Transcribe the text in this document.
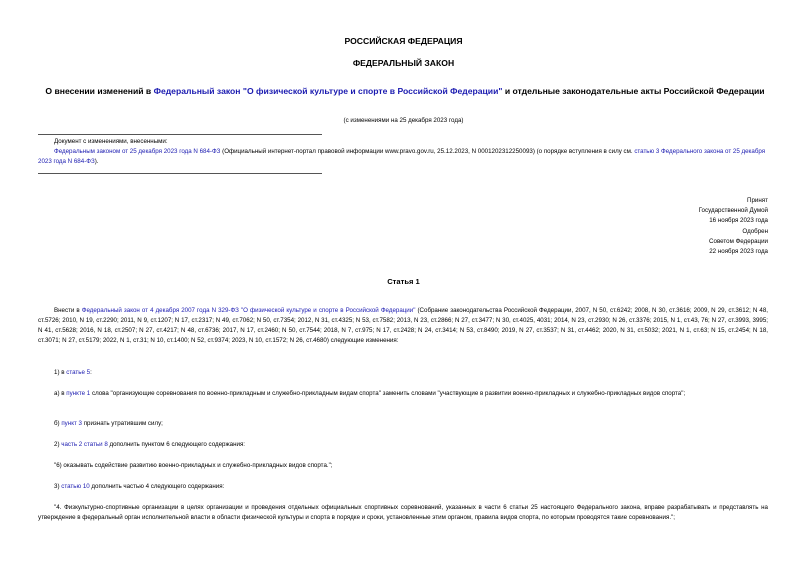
РОССИЙСКАЯ ФЕДЕРАЦИЯ
ФЕДЕРАЛЬНЫЙ ЗАКОН
О внесении изменений в Федеральный закон "О физической культуре и спорте в Российской Федерации" и отдельные законодательные акты Российской Федерации
(с изменениями на 25 декабря 2023 года)

Документ с изменениями, внесенными:

Федеральным законом от 25 декабря 2023 года N 684-ФЗ (Официальный интернет-портал правовой информации www.pravo.gov.ru, 25.12.2023, N 0001202312250093) (о порядке вступления в силу см. статью 3 Федерального закона от 25 декабря 2023 года N 684-ФЗ).

Принят
Государственной Думой
16 ноября 2023 года
Одобрен
Советом Федерации
22 ноября 2023 года
Статья 1

Внести в Федеральный закон от 4 декабря 2007 года N 329-ФЗ "О физической культуре и спорте в Российской Федерации" (Собрание законодательства Российской Федерации, 2007, N 50, ст.6242; 2008, N 30, ст.3616; 2009, N 29, ст.3612; N 48, ст.5726; 2010, N 19, ст.2290; 2011, N 9, ст.1207; N 17, ст.2317; N 49, ст.7062; N 50, ст.7354; 2012, N 31, ст.4325; N 53, ст.7582; 2013, N 23, ст.2866; N 27, ст.3477; N 30, ст.4025, 4031; 2014, N 23, ст.2930; N 26, ст.3376; 2015, N 1, ст.43, 76; N 27, ст.3993, 3995; N 41, ст.5628; 2016, N 18, ст.2507; N 27, ст.4217; N 48, ст.6736; 2017, N 17, ст.2460; N 50, ст.7544; 2018, N 7, ст.975; N 17, ст.2428; N 24, ст.3414; N 53, ст.8490; 2019, N 27, ст.3537; N 31, ст.4462; 2020, N 31, ст.5032; 2021, N 1, ст.63; N 15, ст.2454; N 18, ст.3071; N 27, ст.5179; 2022, N 1, ст.31; N 10, ст.1400; N 52, ст.9374; 2023, N 10, ст.1572; N 26, ст.4680) следующие изменения:

1) в статье 5:

а) в пункте 1 слова "организующие соревнования по военно-прикладным и служебно-прикладным видам спорта" заменить словами "участвующие в развитии военно-прикладных и служебно-прикладных видов спорта";

б) пункт 3 признать утратившим силу;

2) часть 2 статьи 8 дополнить пунктом 6 следующего содержания:

"6) оказывать содействие развитию военно-прикладных и служебно-прикладных видов спорта.";

3) статью 10 дополнить частью 4 следующего содержания:

"4. Физкультурно-спортивные организации в целях организации и проведения отдельных официальных спортивных соревнований, указанных в части 6 статьи 25 настоящего Федерального закона, вправе разрабатывать и представлять на утверждение в федеральный орган исполнительной власти в области физической культуры и спорта в порядке и сроки, установленные этим органом, правила видов спорта, по которым проводятся такие соревнования.";
